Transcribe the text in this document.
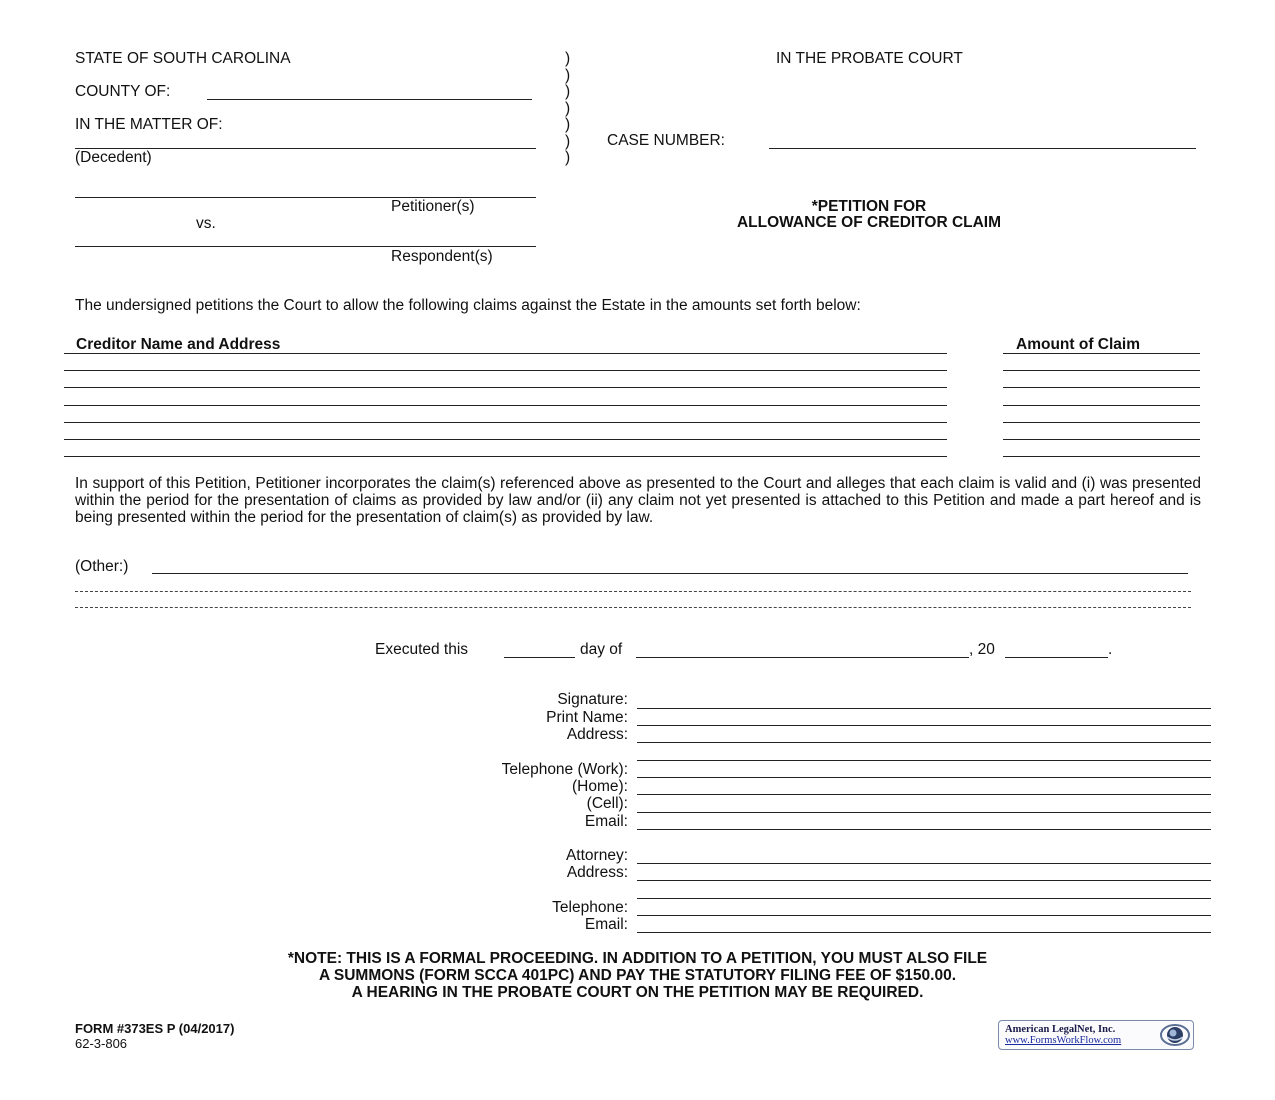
STATE OF SOUTH CAROLINA
COUNTY OF:
IN THE MATTER OF:
(Decedent)
Petitioner(s)
vs.
Respondent(s)
)
)
)
)
)
)
)
IN THE PROBATE COURT
CASE NUMBER:
*PETITION FOR
ALLOWANCE OF CREDITOR CLAIM
The undersigned petitions the Court to allow the following claims against the Estate in the amounts set forth below:
Creditor Name and Address	Amount of Claim
In support of this Petition, Petitioner incorporates the claim(s) referenced above as presented to the Court and alleges that each claim is valid and (i) was presented within the period for the presentation of claims as provided by law and/or (ii) any claim not yet presented is attached to this Petition and made a part hereof and is being presented within the period for the presentation of claim(s) as provided by law.
(Other:)
Executed this	day of	, 20	.
Signature:
Print Name:
Address:
Telephone (Work):
(Home):
(Cell):
Email:
Attorney:
Address:
Telephone:
Email:
*NOTE: THIS IS A FORMAL PROCEEDING. IN ADDITION TO A PETITION, YOU MUST ALSO FILE
A SUMMONS (FORM SCCA 401PC) AND PAY THE STATUTORY FILING FEE OF $150.00.
A HEARING IN THE PROBATE COURT ON THE PETITION MAY BE REQUIRED.
FORM #373ES P (04/2017)
62-3-806
American LegalNet, Inc.
www.FormsWorkFlow.com
